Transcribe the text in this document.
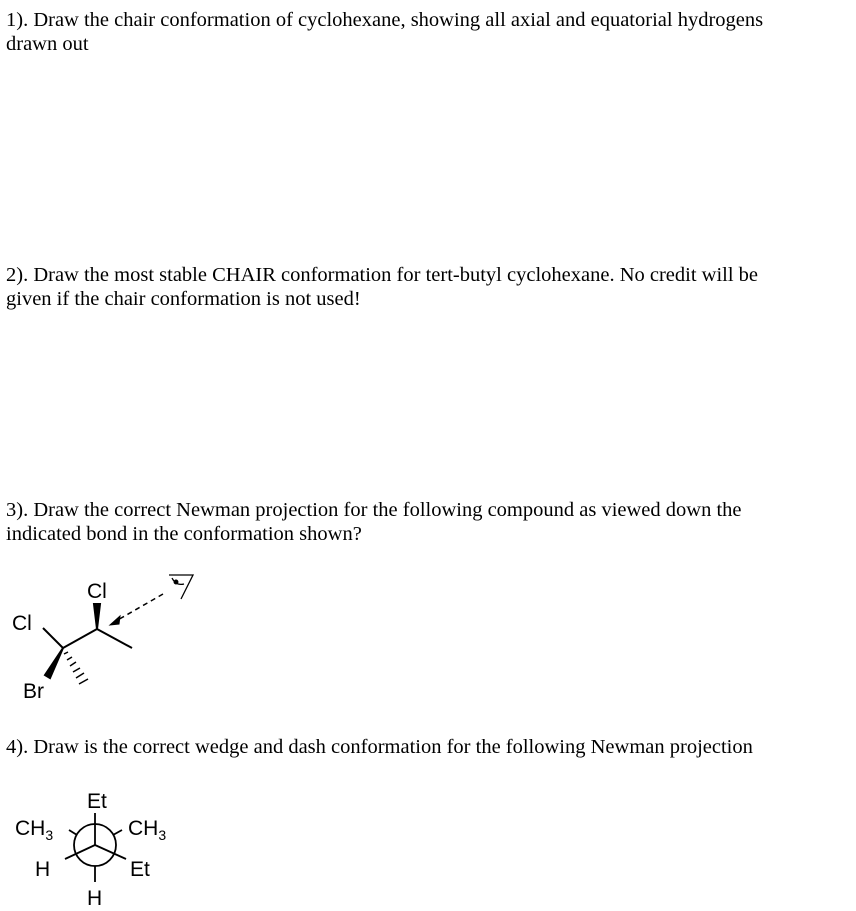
1). Draw the chair conformation of cyclohexane, showing all axial and equatorial hydrogens
drawn out

2). Draw the most stable CHAIR conformation for tert-butyl cyclohexane. No credit will be
given if the chair conformation is not used!

3). Draw the correct Newman projection for the following compound as viewed down the
indicated bond in the conformation shown?

4). Draw is the correct wedge and dash conformation for the following Newman projection

Cl
Cl
Br
Et
$CH_3$	$CH_3$
H	Et
H
